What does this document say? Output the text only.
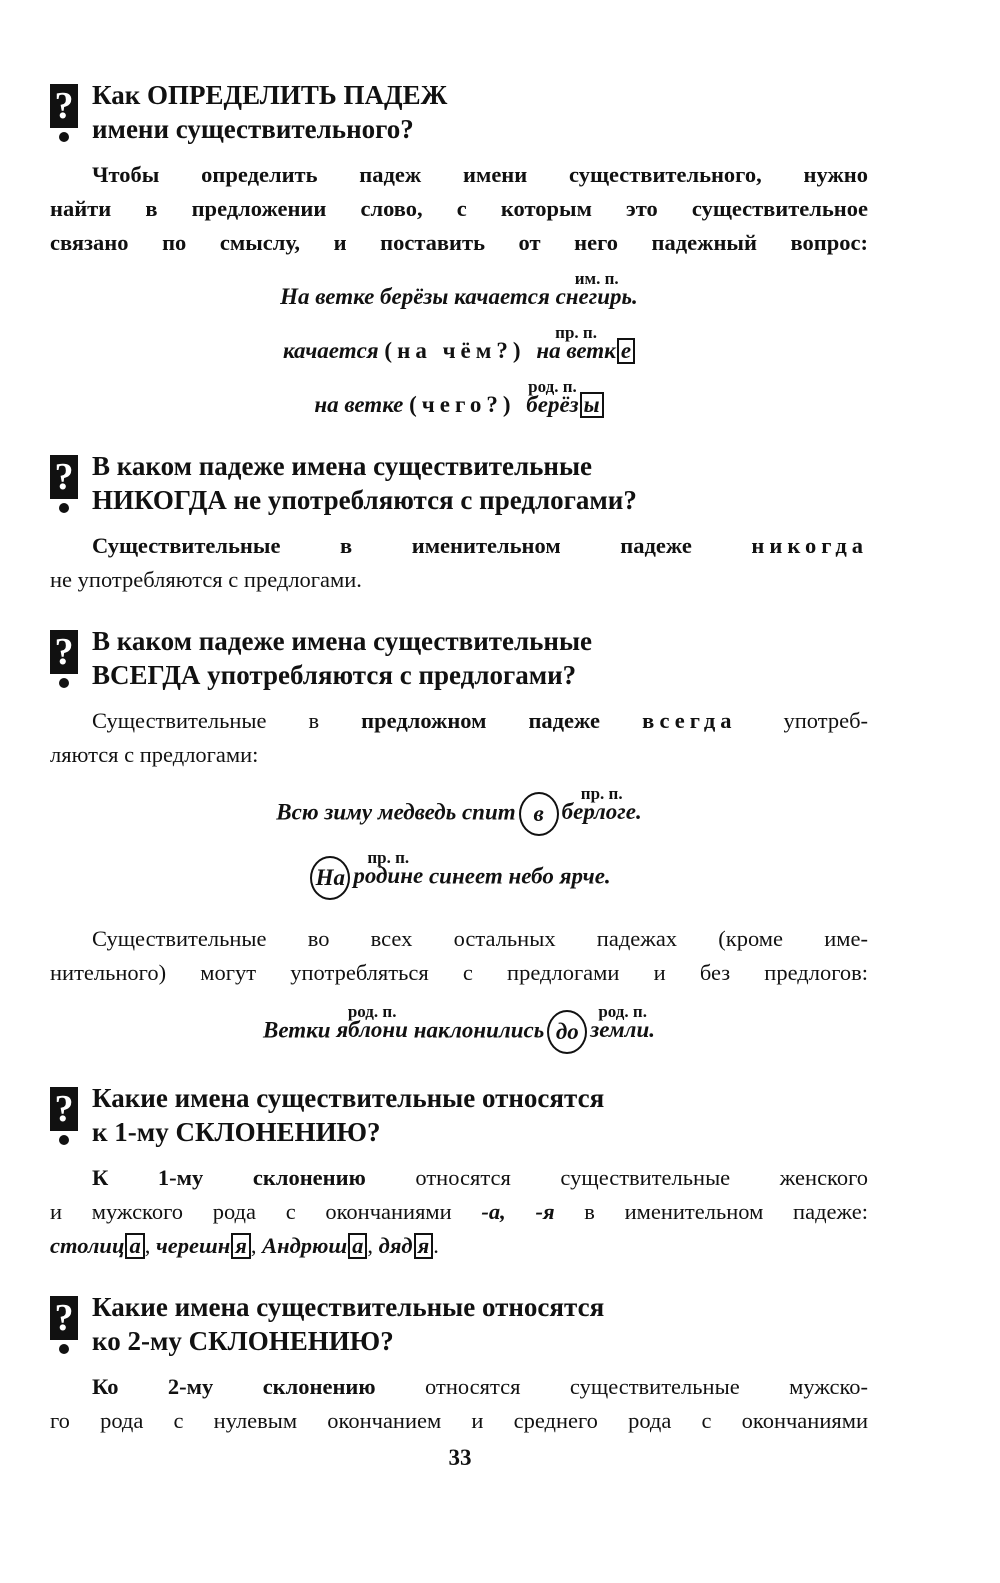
? Как ОПРЕДЕЛИТЬ ПАДЕЖ
имени существительного?
Чтобы определить падеж имени существительного, нужно
найти в предложении слово, с которым это существительное
связано по смыслу, и поставить от него падежный вопрос:
На ветке берёзы качается
им. п.
снегирь.
качается (на чём?)
пр. п.
на ветк е
на ветке (чего?)
род. п.
берёз ы
? В каком падеже имена существительные
НИКОГДА не употребляются с предлогами?
Существительные в именительном падеже никогда
не употребляются с предлогами.
? В каком падеже имена существительные
ВСЕГДА употребляются с предлогами?
Существительные в предложном падеже всегда употреб-
ляются с предлогами:
Всю зиму медведь спит в
пр. п.
берлоге.
На
пр. п.
родине синеет небо ярче.
Существительные во всех остальных падежах (кроме име-
нительного) могут употребляться с предлогами и без предлогов:
Ветки
род. п.
яблони наклонились до
род. п.
земли.
? Какие имена существительные относятся
к 1-му СКЛОНЕНИЮ?
К 1-му склонению относятся существительные женского
и мужского рода с окончаниями -а, -я в именительном падеже:
столиц а , черешн я , Андрюш а , дяд я .
? Какие имена существительные относятся
ко 2-му СКЛОНЕНИЮ?
Ко 2-му склонению относятся существительные мужско-
го рода с нулевым окончанием и среднего рода с окончаниями
33
